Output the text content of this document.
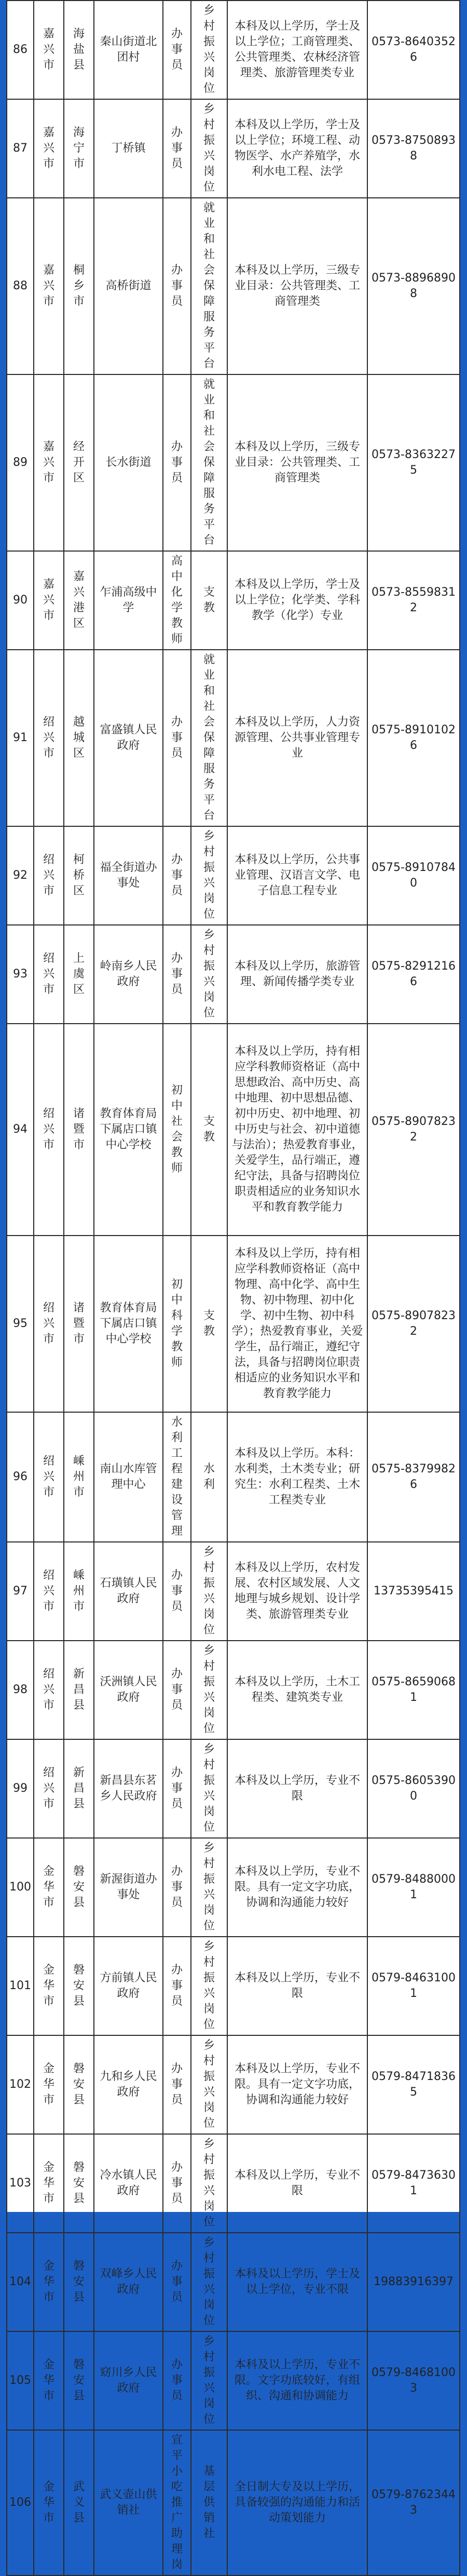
86	嘉兴市	海盐县	秦山街道北团村	办事员	乡村振兴岗位	本科及以上学历，学士及以上学位；工商管理类、公共管理类、农林经济管理类、旅游管理类专业	0573-86403526
87	嘉兴市	海宁市	丁桥镇	办事员	乡村振兴岗位	本科及以上学历，学士及以上学位；环境工程、动物医学、水产养殖学，水利水电工程、法学	0573-87508938
88	嘉兴市	桐乡市	高桥街道	办事员	就业和社会保障服务平台	本科及以上学历，三级专业目录：公共管理类、工商管理类	0573-88968908
89	嘉兴市	经开区	长水街道	办事员	就业和社会保障服务平台	本科及以上学历，三级专业目录：公共管理类、工商管理类	0573-83632275
90	嘉兴市	嘉兴港区	乍浦高级中学	高中化学教师	支教	本科及以上学历，学士及以上学位；化学类、学科教学（化学）专业	0573-85598312
91	绍兴市	越城区	富盛镇人民政府	办事员	就业和社会保障服务平台	本科及以上学历，人力资源管理、公共事业管理专业	0575-89101026
92	绍兴市	柯桥区	福全街道办事处	办事员	乡村振兴岗位	本科及以上学历，公共事业管理、汉语言文学、电子信息工程专业	0575-89107840
93	绍兴市	上虞区	岭南乡人民政府	办事员	乡村振兴岗位	本科及以上学历，旅游管理、新闻传播学类专业	0575-82912166
94	绍兴市	诸暨市	教育体育局下属店口镇中心学校	初中社会教师	支教	本科及以上学历，持有相应学科教师资格证（高中思想政治、高中历史、高中地理、初中思想品德、初中历史、初中地理、初中历史与社会、初中道德与法治）；热爱教育事业，关爱学生，品行端正，遵纪守法，具备与招聘岗位职责相适应的业务知识水平和教育教学能力	0575-89078232
95	绍兴市	诸暨市	教育体育局下属店口镇中心学校	初中科学教师	支教	本科及以上学历，持有相应学科教师资格证（高中物理、高中化学、高中生物、初中物理、初中化学、初中生物、初中科学）；热爱教育事业，关爱学生，品行端正，遵纪守法，具备与招聘岗位职责相适应的业务知识水平和教育教学能力	0575-89078232
96	绍兴市	嵊州市	南山水库管理中心	水利工程建设管理	水利	本科及以上学历。本科：水利类，土木类专业；研究生：水利工程类、土木工程类专业	0575-83799826
97	绍兴市	嵊州市	石璜镇人民政府	办事员	乡村振兴岗位	本科及以上学历，农村发展、农村区域发展、人文地理与城乡规划、设计学类、旅游管理类专业	13735395415
98	绍兴市	新昌县	沃洲镇人民政府	办事员	乡村振兴岗位	本科及以上学历，土木工程类、建筑类专业	0575-86590681
99	绍兴市	新昌县	新昌县东茗乡人民政府	办事员	乡村振兴岗位	本科及以上学历，专业不限	0575-86053900
100	金华市	磐安县	新渥街道办事处	办事员	乡村振兴岗位	本科及以上学历，专业不限。具有一定文字功底，协调和沟通能力较好	0579-84880001
101	金华市	磐安县	方前镇人民政府	办事员	乡村振兴岗位	本科及以上学历，专业不限	0579-84631001
102	金华市	磐安县	九和乡人民政府	办事员	乡村振兴岗位	本科及以上学历，专业不限。具有一定文字功底，协调和沟通能力较好	0579-84718365
103	金华市	磐安县	冷水镇人民政府	办事员	乡村振兴岗位	本科及以上学历，专业不限	0579-84736301
104	金华市	磐安县	双峰乡人民政府	办事员	乡村振兴岗位	本科及以上学历，学士及以上学位，专业不限	19883916397
105	金华市	磐安县	窈川乡人民政府	办事员	乡村振兴岗位	本科及以上学历，专业不限。文字功底较好，有组织、沟通和协调能力	0579-84681003
106	金华市	武义县	武义壶山供销社	宣平小吃推广助理岗	基层供销社	全日制大专及以上学历，具备较强的沟通能力和活动策划能力	0579-87623443
